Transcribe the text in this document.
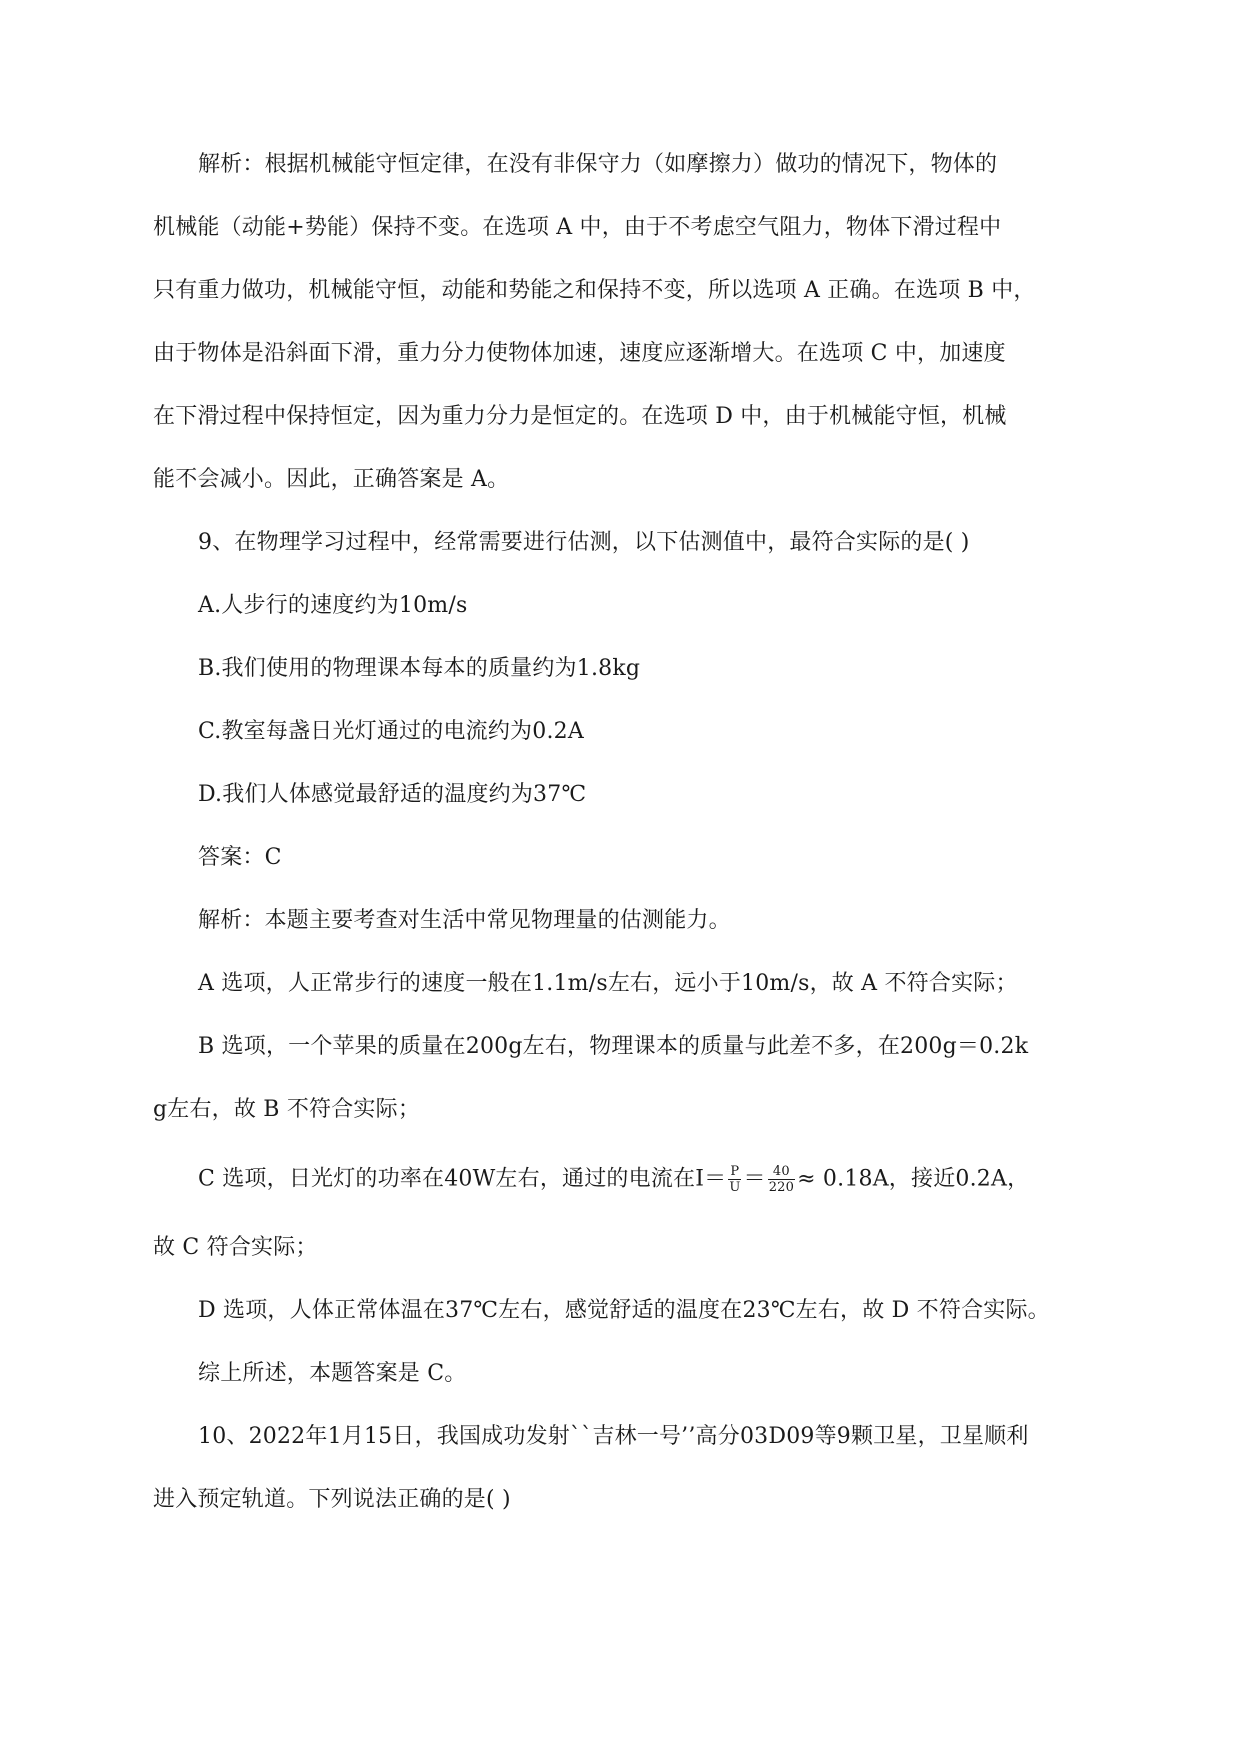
解析：根据机械能守恒定律，在没有非保守力（如摩擦力）做功的情况下，物体的
机械能（动能+势能）保持不变。在选项 A 中，由于不考虑空气阻力，物体下滑过程中
只有重力做功，机械能守恒，动能和势能之和保持不变，所以选项 A 正确。在选项 B 中，
由于物体是沿斜面下滑，重力分力使物体加速，速度应逐渐增大。在选项 C 中，加速度
在下滑过程中保持恒定，因为重力分力是恒定的。在选项 D 中，由于机械能守恒，机械
能不会减小。因此，正确答案是 A。
9、在物理学习过程中，经常需要进行估测，以下估测值中，最符合实际的是( )
A.人步行的速度约为10m/s
B.我们使用的物理课本每本的质量约为1.8kg
C.教室每盏日光灯通过的电流约为0.2A
D.我们人体感觉最舒适的温度约为37℃
答案：C
解析：本题主要考查对生活中常见物理量的估测能力。
A 选项，人正常步行的速度一般在1.1m/s左右，远小于10m/s，故 A 不符合实际；
B 选项，一个苹果的质量在200g左右，物理课本的质量与此差不多，在200g＝0.2k
g左右，故 B 不符合实际；
C 选项，日光灯的功率在40W左右，通过的电流在$I= \frac{P}{U} = \frac{40}{220} \approx 0.18A$，接近0.2A，
故 C 符合实际；
D 选项，人体正常体温在37℃左右，感觉舒适的温度在23℃左右，故 D 不符合实际。
综上所述，本题答案是 C。
10、2022年1月15日，我国成功发射``吉林一号’’高分03D09等9颗卫星，卫星顺利
进入预定轨道。下列说法正确的是( )
